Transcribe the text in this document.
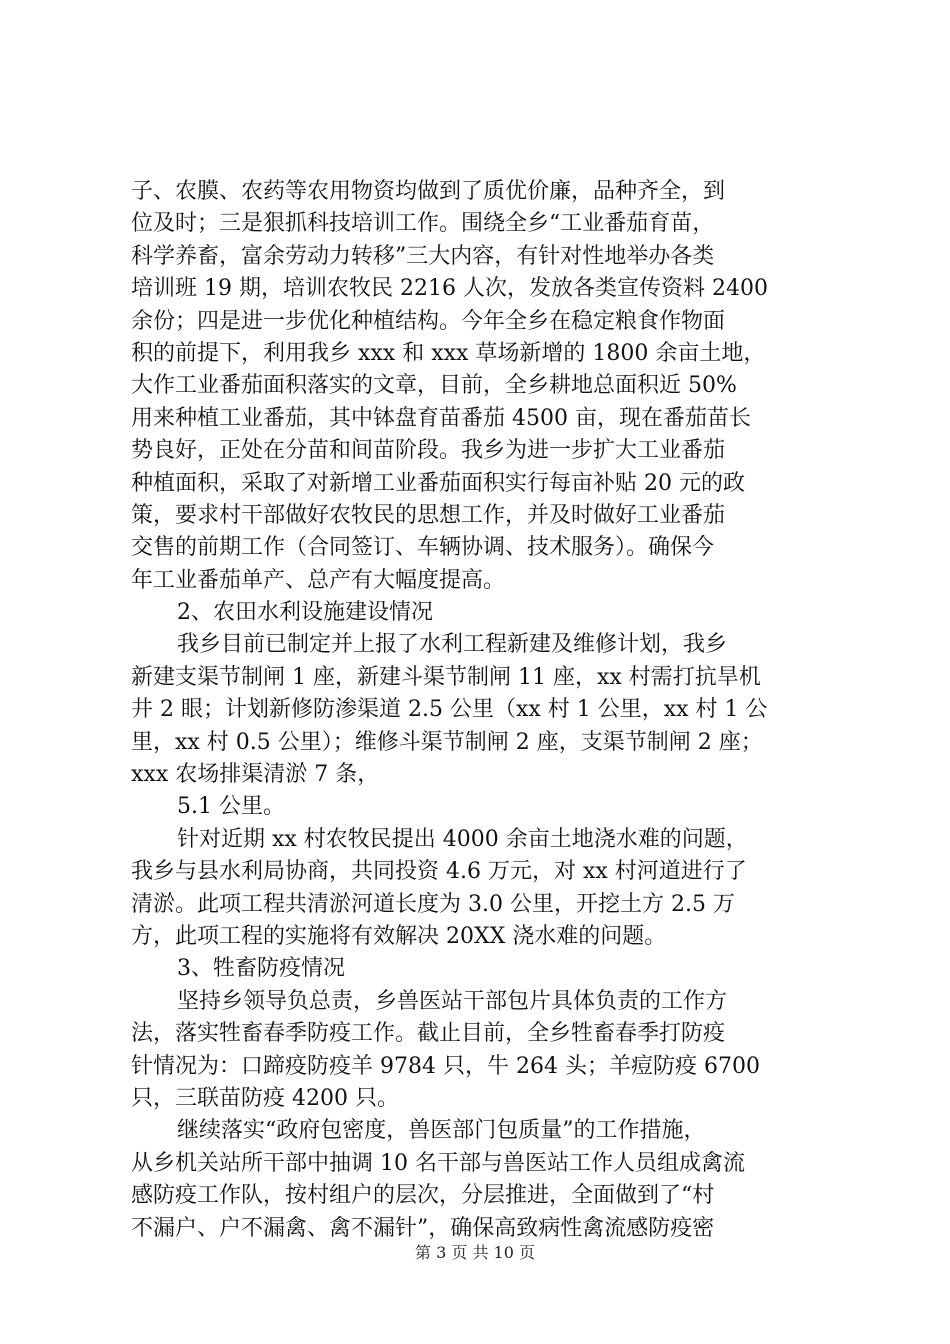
子、农膜、农药等农用物资均做到了质优价廉，品种齐全，到
位及时；三是狠抓科技培训工作。围绕全乡“工业番茄育苗，
科学养畜，富余劳动力转移”三大内容，有针对性地举办各类
培训班 19 期，培训农牧民 2216 人次，发放各类宣传资料 2400
余份；四是进一步优化种植结构。今年全乡在稳定粮食作物面
积的前提下，利用我乡 xxx 和 xxx 草场新增的 1800 余亩土地，
大作工业番茄面积落实的文章，目前，全乡耕地总面积近 50%
用来种植工业番茄，其中钵盘育苗番茄 4500 亩，现在番茄苗长
势良好，正处在分苗和间苗阶段。我乡为进一步扩大工业番茄
种植面积，采取了对新增工业番茄面积实行每亩补贴 20 元的政
策，要求村干部做好农牧民的思想工作，并及时做好工业番茄
交售的前期工作（合同签订、车辆协调、技术服务）。确保今
年工业番茄单产、总产有大幅度提高。
2、农田水利设施建设情况
我乡目前已制定并上报了水利工程新建及维修计划，我乡
新建支渠节制闸 1 座，新建斗渠节制闸 11 座，xx 村需打抗旱机
井 2 眼；计划新修防渗渠道 2.5 公里（xx 村 1 公里，xx 村 1 公
里，xx 村 0.5 公里）；维修斗渠节制闸 2 座，支渠节制闸 2 座；
xxx 农场排渠清淤 7 条，
5.1 公里。
针对近期 xx 村农牧民提出 4000 余亩土地浇水难的问题，
我乡与县水利局协商，共同投资 4.6 万元，对 xx 村河道进行了
清淤。此项工程共清淤河道长度为 3.0 公里，开挖土方 2.5 万
方，此项工程的实施将有效解决 20XX 浇水难的问题。
3、牲畜防疫情况
坚持乡领导负总责，乡兽医站干部包片具体负责的工作方
法，落实牲畜春季防疫工作。截止目前，全乡牲畜春季打防疫
针情况为：口蹄疫防疫羊 9784 只，牛 264 头；羊痘防疫 6700
只，三联苗防疫 4200 只。
继续落实“政府包密度，兽医部门包质量”的工作措施，
从乡机关站所干部中抽调 10 名干部与兽医站工作人员组成禽流
感防疫工作队，按村组户的层次，分层推进，全面做到了“村
不漏户、户不漏禽、禽不漏针”，确保高致病性禽流感防疫密
第 3 页 共 10 页
